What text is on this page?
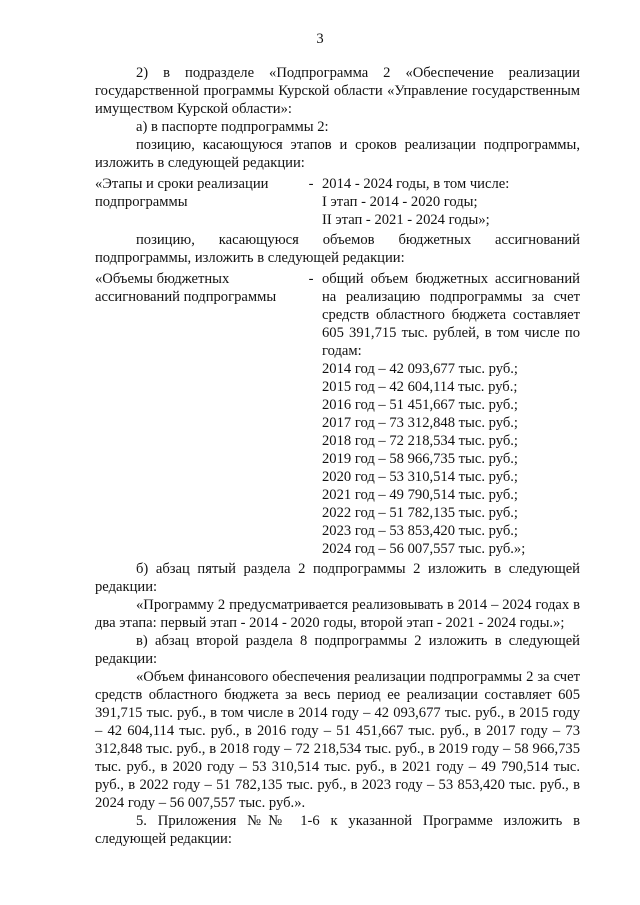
3

2) в подразделе «Подпрограмма 2 «Обеспечение реализации государственной программы Курской области «Управление государственным имуществом Курской области»:

а) в паспорте подпрограммы 2:

позицию, касающуюся этапов и сроков реализации подпрограммы, изложить в следующей редакции:

«Этапы и сроки реализации подпрограммы
- 2014 - 2024 годы, в том числе:
I этап - 2014 - 2020 годы;
II этап - 2021 - 2024 годы»;

позицию, касающуюся объемов бюджетных ассигнований подпрограммы, изложить в следующей редакции:

«Объемы бюджетных ассигнований подпрограммы
- общий объем бюджетных ассигнований на реализацию подпрограммы за счет средств областного бюджета составляет 605 391,715 тыс. рублей, в том числе по годам:

2014 год – 42 093,677 тыс. руб.;
2015 год – 42 604,114 тыс. руб.;
2016 год – 51 451,667 тыс. руб.;
2017 год – 73 312,848 тыс. руб.;
2018 год – 72 218,534 тыс. руб.;
2019 год – 58 966,735 тыс. руб.;
2020 год – 53 310,514 тыс. руб.;
2021 год – 49 790,514 тыс. руб.;
2022 год – 51 782,135 тыс. руб.;
2023 год – 53 853,420 тыс. руб.;
2024 год – 56 007,557 тыс. руб.»;

б) абзац пятый раздела 2 подпрограммы 2 изложить в следующей редакции:

«Программу 2 предусматривается реализовывать в 2014 – 2024 годах в два этапа: первый этап - 2014 - 2020 годы, второй этап - 2021 - 2024 годы.»;

в) абзац второй раздела 8 подпрограммы 2 изложить в следующей редакции:

«Объем финансового обеспечения реализации подпрограммы 2 за счет средств областного бюджета за весь период ее реализации составляет 605 391,715 тыс. руб., в том числе в 2014 году – 42 093,677 тыс. руб., в 2015 году – 42 604,114 тыс. руб., в 2016 году – 51 451,667 тыс. руб., в 2017 году – 73 312,848 тыс. руб., в 2018 году – 72 218,534 тыс. руб., в 2019 году – 58 966,735 тыс. руб., в 2020 году – 53 310,514 тыс. руб., в 2021 году – 49 790,514 тыс. руб., в 2022 году – 51 782,135 тыс. руб., в 2023 году – 53 853,420 тыс. руб., в 2024 году – 56 007,557 тыс. руб.».

5. Приложения №№ 1-6 к указанной Программе изложить в следующей редакции:
